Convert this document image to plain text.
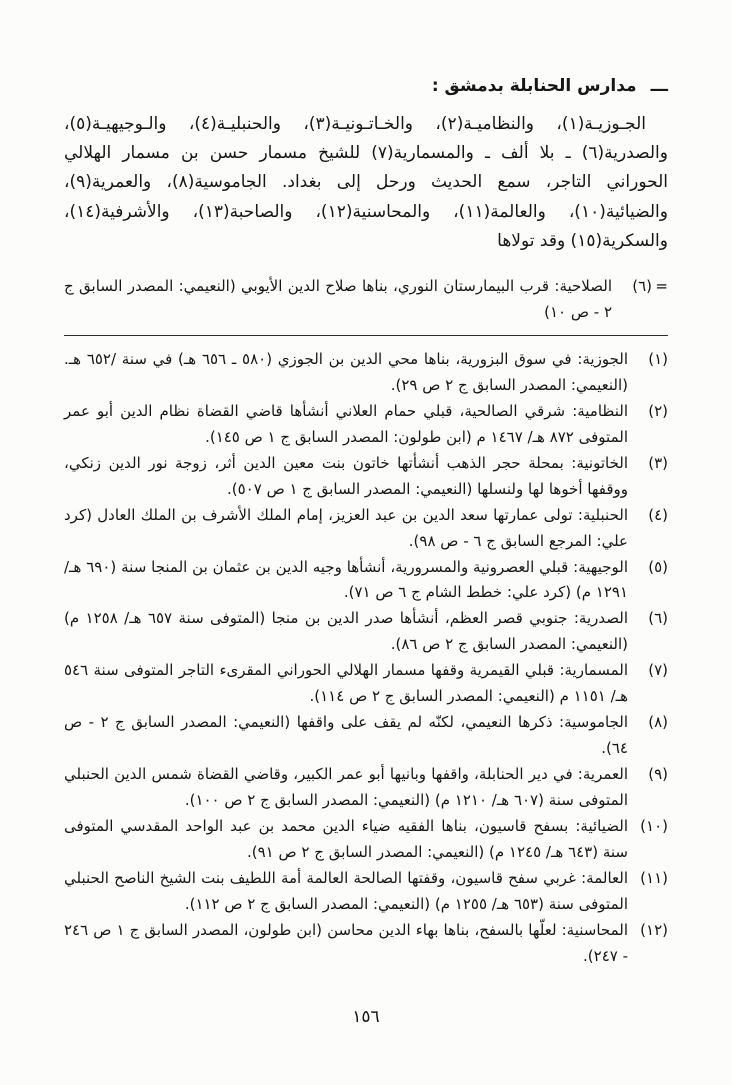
ـــمدارس الحنابلة بدمشق :

الجـوزيـة(١)، والنظاميـة(٢)، والخـاتـونيـة(٣)، والحنبليـة(٤)، والـوجيهيـة(٥)، والصدرية(٦) ـ بلا ألف ـ والمسمارية(٧) للشيخ مسمار حسن بن مسمار الهلالي الحوراني التاجر، سمع الحديث ورحل إلى بغداد. الجاموسية(٨)، والعمرية(٩)، والضيائية(١٠)، والعالمة(١١)، والمحاسنية(١٢)، والصاحبة(١٣)، والأشرفية(١٤)، والسكرية(١٥) وقد تولاها

=
(٦)
الصلاحية: قرب البيمارستان النوري، بناها صلاح الدين الأيوبي (النعيمي: المصدر السابق ج ٢ - ص ١٠)
(١)
الجوزية: في سوق البزورية، بناها محي الدين بن الجوزي (٥٨٠ ـ ٦٥٦ هـ) في سنة /٦٥٢ هـ. (النعيمي: المصدر السابق ج ٢ ص ٢٩).
(٢)
النظامية: شرقي الصالحية، قبلي حمام العلاني أنشأها قاضي القضاة نظام الدين أبو عمر المتوفى ٨٧٢ هـ/ ١٤٦٧ م (ابن طولون: المصدر السابق ج ١ ص ١٤٥).
(٣)
الخاتونية: بمحلة حجر الذهب أنشأتها خاتون بنت معين الدين أثر، زوجة نور الدين زنكي، ووقفها أخوها لها ولنسلها (النعيمي: المصدر السابق ج ١ ص ٥٠٧).
(٤)
الحنبلية: تولى عمارتها سعد الدين بن عبد العزيز، إمام الملك الأشرف بن الملك العادل (كرد علي: المرجع السابق ج ٦ - ص ٩٨).
(٥)
الوجيهية: قبلي العصرونية والمسرورية، أنشأها وجيه الدين بن عثمان بن المنجا سنة (٦٩٠ هـ/ ١٢٩١ م) (كرد علي: خطط الشام ج ٦ ص ٧١).
(٦)
الصدرية: جنوبي قصر العظم، أنشأها صدر الدين بن منجا (المتوفى سنة ٦٥٧ هـ/ ١٢٥٨ م) (النعيمي: المصدر السابق ج ٢ ص ٨٦).
(٧)
المسمارية: قبلي القيمرية وقفها مسمار الهلالي الحوراني المقرىء التاجر المتوفى سنة ٥٤٦ هـ/ ١١٥١ م (النعيمي: المصدر السابق ج ٢ ص ١١٤).
(٨)
الجاموسية: ذكرها النعيمي، لكنّه لم يقف على واقفها (النعيمي: المصدر السابق ج ٢ - ص ٦٤).
(٩)
العمرية: في دير الحنابلة، واقفها وبانيها أبو عمر الكبير، وقاضي القضاة شمس الدين الحنبلي المتوفى سنة (٦٠٧ هـ/ ١٢١٠ م) (النعيمي: المصدر السابق ج ٢ ص ١٠٠).
(١٠)
الضيائية: بسفح قاسيون، بناها الفقيه ضياء الدين محمد بن عبد الواحد المقدسي المتوفى سنة (٦٤٣ هـ/ ١٢٤٥ م) (النعيمي: المصدر السابق ج ٢ ص ٩١).
(١١)
العالمة: غربي سفح قاسيون، وقفتها الصالحة العالمة أمة اللطيف بنت الشيخ الناصح الحنبلي المتوفى سنة (٦٥٣ هـ/ ١٢٥٥ م) (النعيمي: المصدر السابق ج ٢ ص ١١٢).
(١٢)
المحاسنية: لعلّها بالسفح، بناها بهاء الدين محاسن (ابن طولون، المصدر السابق ج ١ ص ٢٤٦ - ٢٤٧).
١٥٦
